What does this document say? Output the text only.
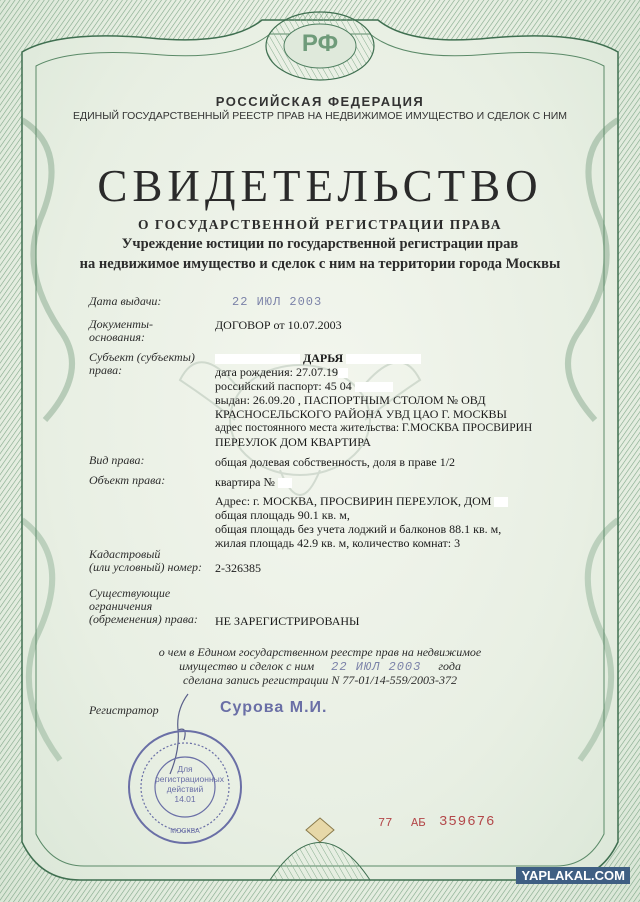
РФ
РОССИЙСКАЯ ФЕДЕРАЦИЯ
ЕДИНЫЙ ГОСУДАРСТВЕННЫЙ РЕЕСТР ПРАВ НА НЕДВИЖИМОЕ ИМУЩЕСТВО И СДЕЛОК С НИМ
СВИДЕТЕЛЬСТВО
О ГОСУДАРСТВЕННОЙ РЕГИСТРАЦИИ ПРАВА
Учреждение юстиции по государственной регистрации прав
на недвижимое имущество и сделок с ним на территории города Москвы
Дата выдачи:	22 ИЮЛ 2003
Документы-
основания:
ДОГОВОР от 10.07.2003
Субъект (субъекты)
права:
ДАРЬЯ
дата рождения: 27.07.19
российский паспорт: 45 04
выдан: 26.09.20 , ПАСПОРТНЫМ СТОЛОМ № ОВД
КРАСНОСЕЛЬСКОГО РАЙОНА УВД ЦАО Г. МОСКВЫ
адрес постоянного места жительства: Г.МОСКВА ПРОСВИРИН
ПЕРЕУЛОК ДОМ КВАРТИРА
Вид права:	общая долевая собственность, доля в праве 1/2
Объект права:	квартира №
Адрес: г. МОСКВА, ПРОСВИРИН ПЕРЕУЛОК, ДОМ
общая площадь 90.1 кв. м,
общая площадь без учета лоджий и балконов 88.1 кв. м,
жилая площадь 42.9 кв. м, количество комнат: 3
Кадастровый
(или условный) номер:	2-326385
Существующие
ограничения
(обременения) права:	НЕ ЗАРЕГИСТРИРОВАНЫ
о чем в Едином государственном реестре прав на недвижимое
имущество и сделок с ним 22 ИЮЛ 2003 года
сделана запись регистрации N 77-01/14-559/2003-372
Регистратор	Сурова М.И.
Для
регистрационных
действий
14.01
МОСКВА
77 АБ 359676
YAPLAKAL.COM
